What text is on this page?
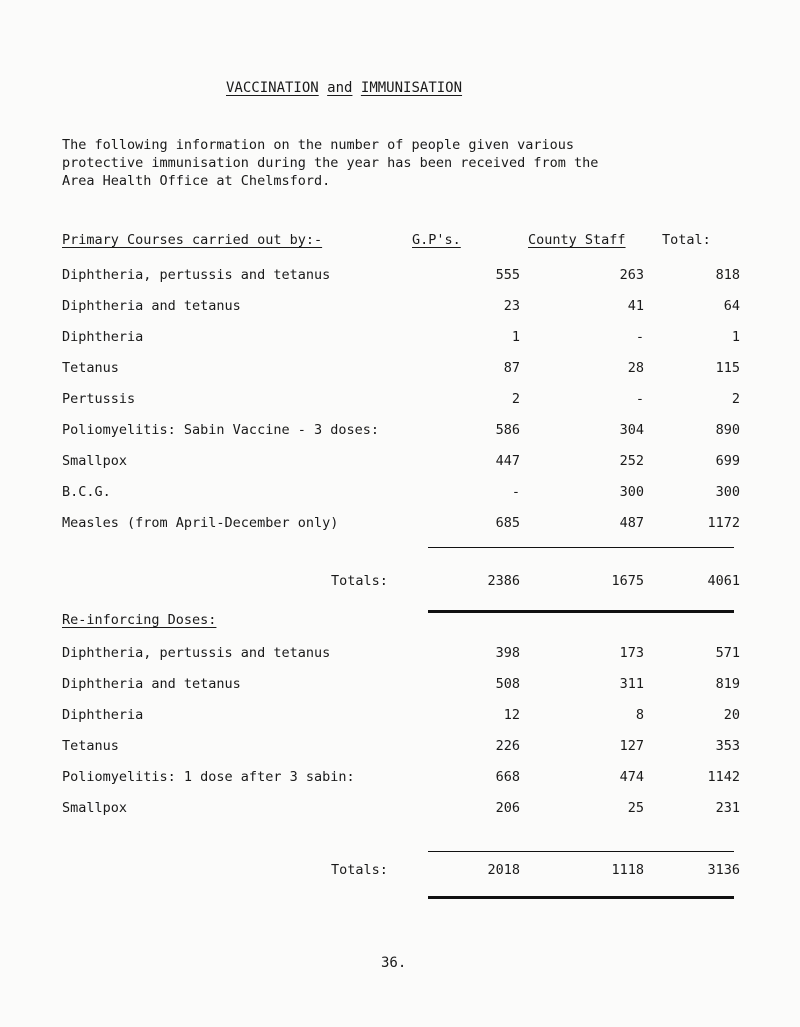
VACCINATION and IMMUNISATION
The following information on the number of people given various
protective immunisation during the year has been received from the
Area Health Office at Chelmsford.
Primary Courses carried out by:-	G.P's.	County Staff	Total:
Diphtheria, pertussis and tetanus	555	263	818
Diphtheria and tetanus	23	41	64
Diphtheria	1	-	1
Tetanus	87	28	115
Pertussis	2	-	2
Poliomyelitis: Sabin Vaccine - 3 doses:	586	304	890
Smallpox	447	252	699
B.C.G.	-	300	300
Measles (from April-December only)	685	487	1172
Totals:	2386	1675	4061
Re-inforcing Doses:
Diphtheria, pertussis and tetanus	398	173	571
Diphtheria and tetanus	508	311	819
Diphtheria	12	8	20
Tetanus	226	127	353
Poliomyelitis: 1 dose after 3 sabin:	668	474	1142
Smallpox	206	25	231
Totals:	2018	1118	3136
36.
